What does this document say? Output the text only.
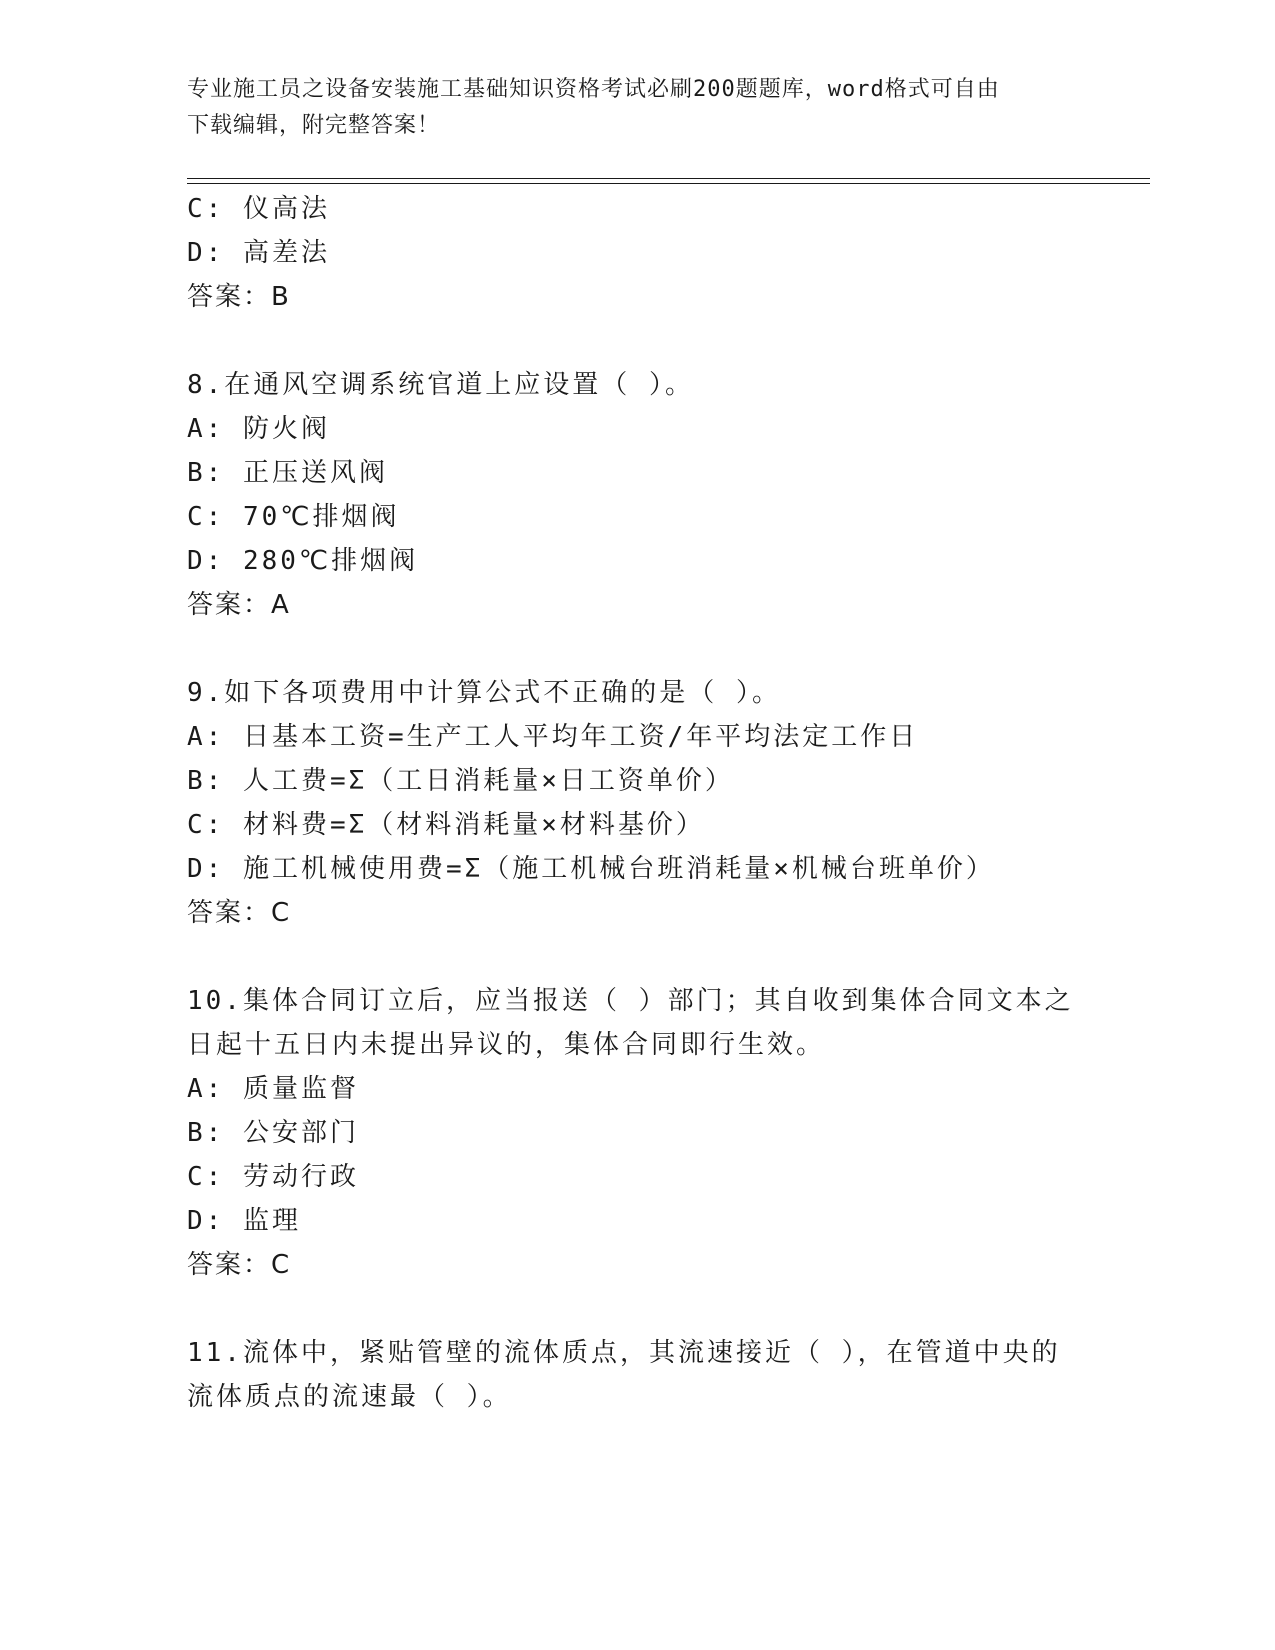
专业施工员之设备安装施工基础知识资格考试必刷200题题库，word格式可自由
下载编辑，附完整答案！
C: 仪高法
D: 高差法
答案：B
8.在通风空调系统官道上应设置（ ）。
A: 防火阀
B: 正压送风阀
C: 70℃排烟阀
D: 280℃排烟阀
答案：A
9.如下各项费用中计算公式不正确的是（ ）。
A: 日基本工资=生产工人平均年工资/年平均法定工作日
B: 人工费=Σ（工日消耗量×日工资单价）
C: 材料费=Σ（材料消耗量×材料基价）
D: 施工机械使用费=Σ（施工机械台班消耗量×机械台班单价）
答案：C
10.集体合同订立后，应当报送（ ）部门；其自收到集体合同文本之
日起十五日内未提出异议的，集体合同即行生效。
A: 质量监督
B: 公安部门
C: 劳动行政
D: 监理
答案：C
11.流体中，紧贴管壁的流体质点，其流速接近（ ），在管道中央的
流体质点的流速最（ ）。
